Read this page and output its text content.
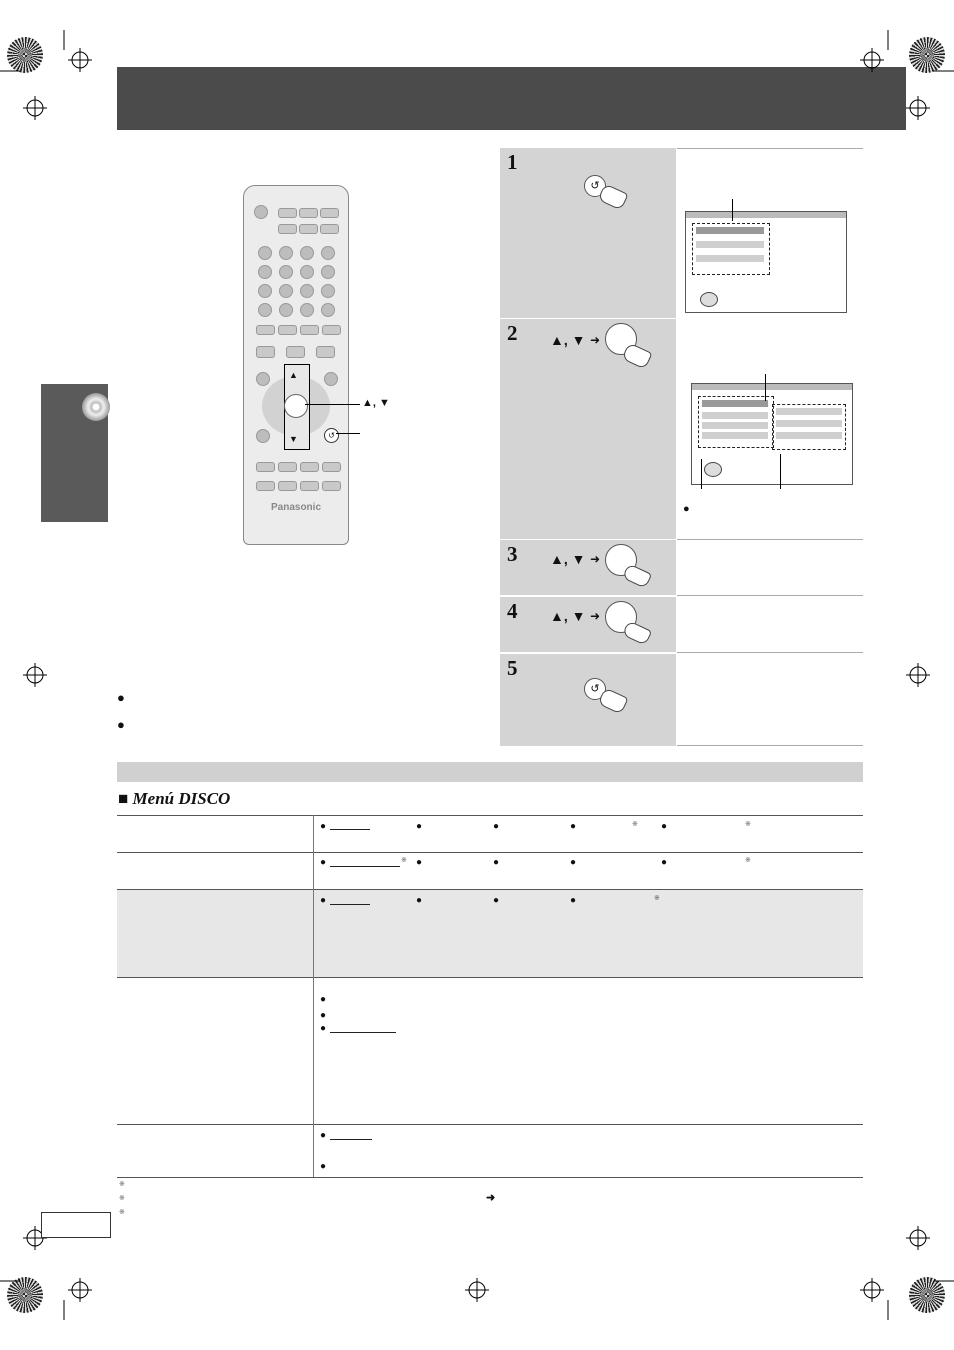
▲
▼	↺
Panasonic
▲, ▼
●
●
1
↺
2 ▲, ▼ ➜
●
3 ▲, ▼ ➜
4 ▲, ▼ ➜
5
↺
■ Menú DISCO
●	●	●	●	※ ●	※
●	※ ●	●	●	●	※
●	●	●	●	※
●
●
●
●
●
※
※	➜
※
